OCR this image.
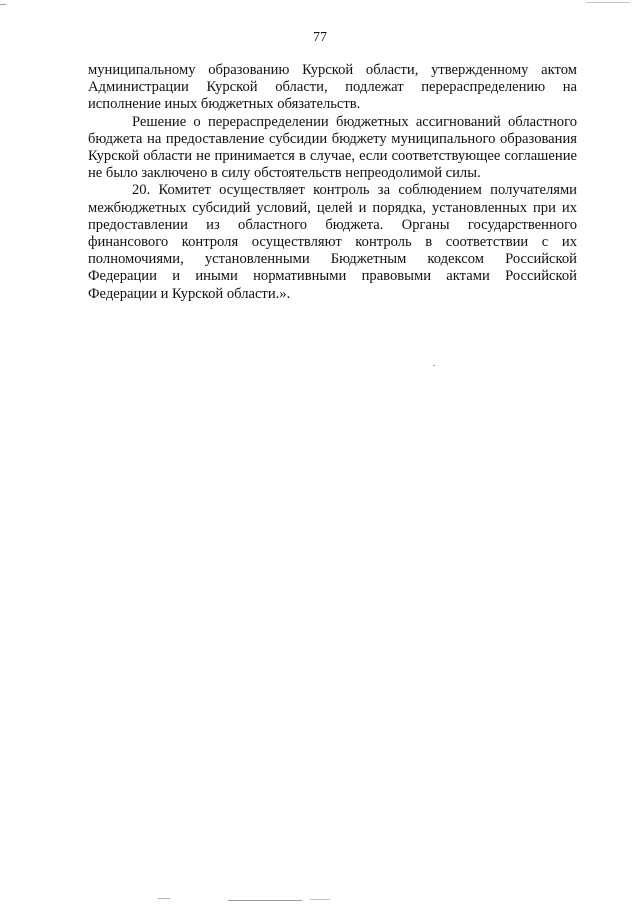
77

муниципальному образованию Курской области, утвержденному актом Администрации Курской области, подлежат перераспределению на исполнение иных бюджетных обязательств.

Решение о перераспределении бюджетных ассигнований областного бюджета на предоставление субсидии бюджету муниципального образования Курской области не принимается в случае, если соответствующее соглашение не было заключено в силу обстоятельств непреодолимой силы.

20. Комитет осуществляет контроль за соблюдением получателями межбюджетных субсидий условий, целей и порядка, установленных при их предоставлении из областного бюджета. Органы государственного финансового контроля осуществляют контроль в соответствии с их полномочиями, установленными Бюджетным кодексом Российской Федерации и иными нормативными правовыми актами Российской Федерации и Курской области.».
